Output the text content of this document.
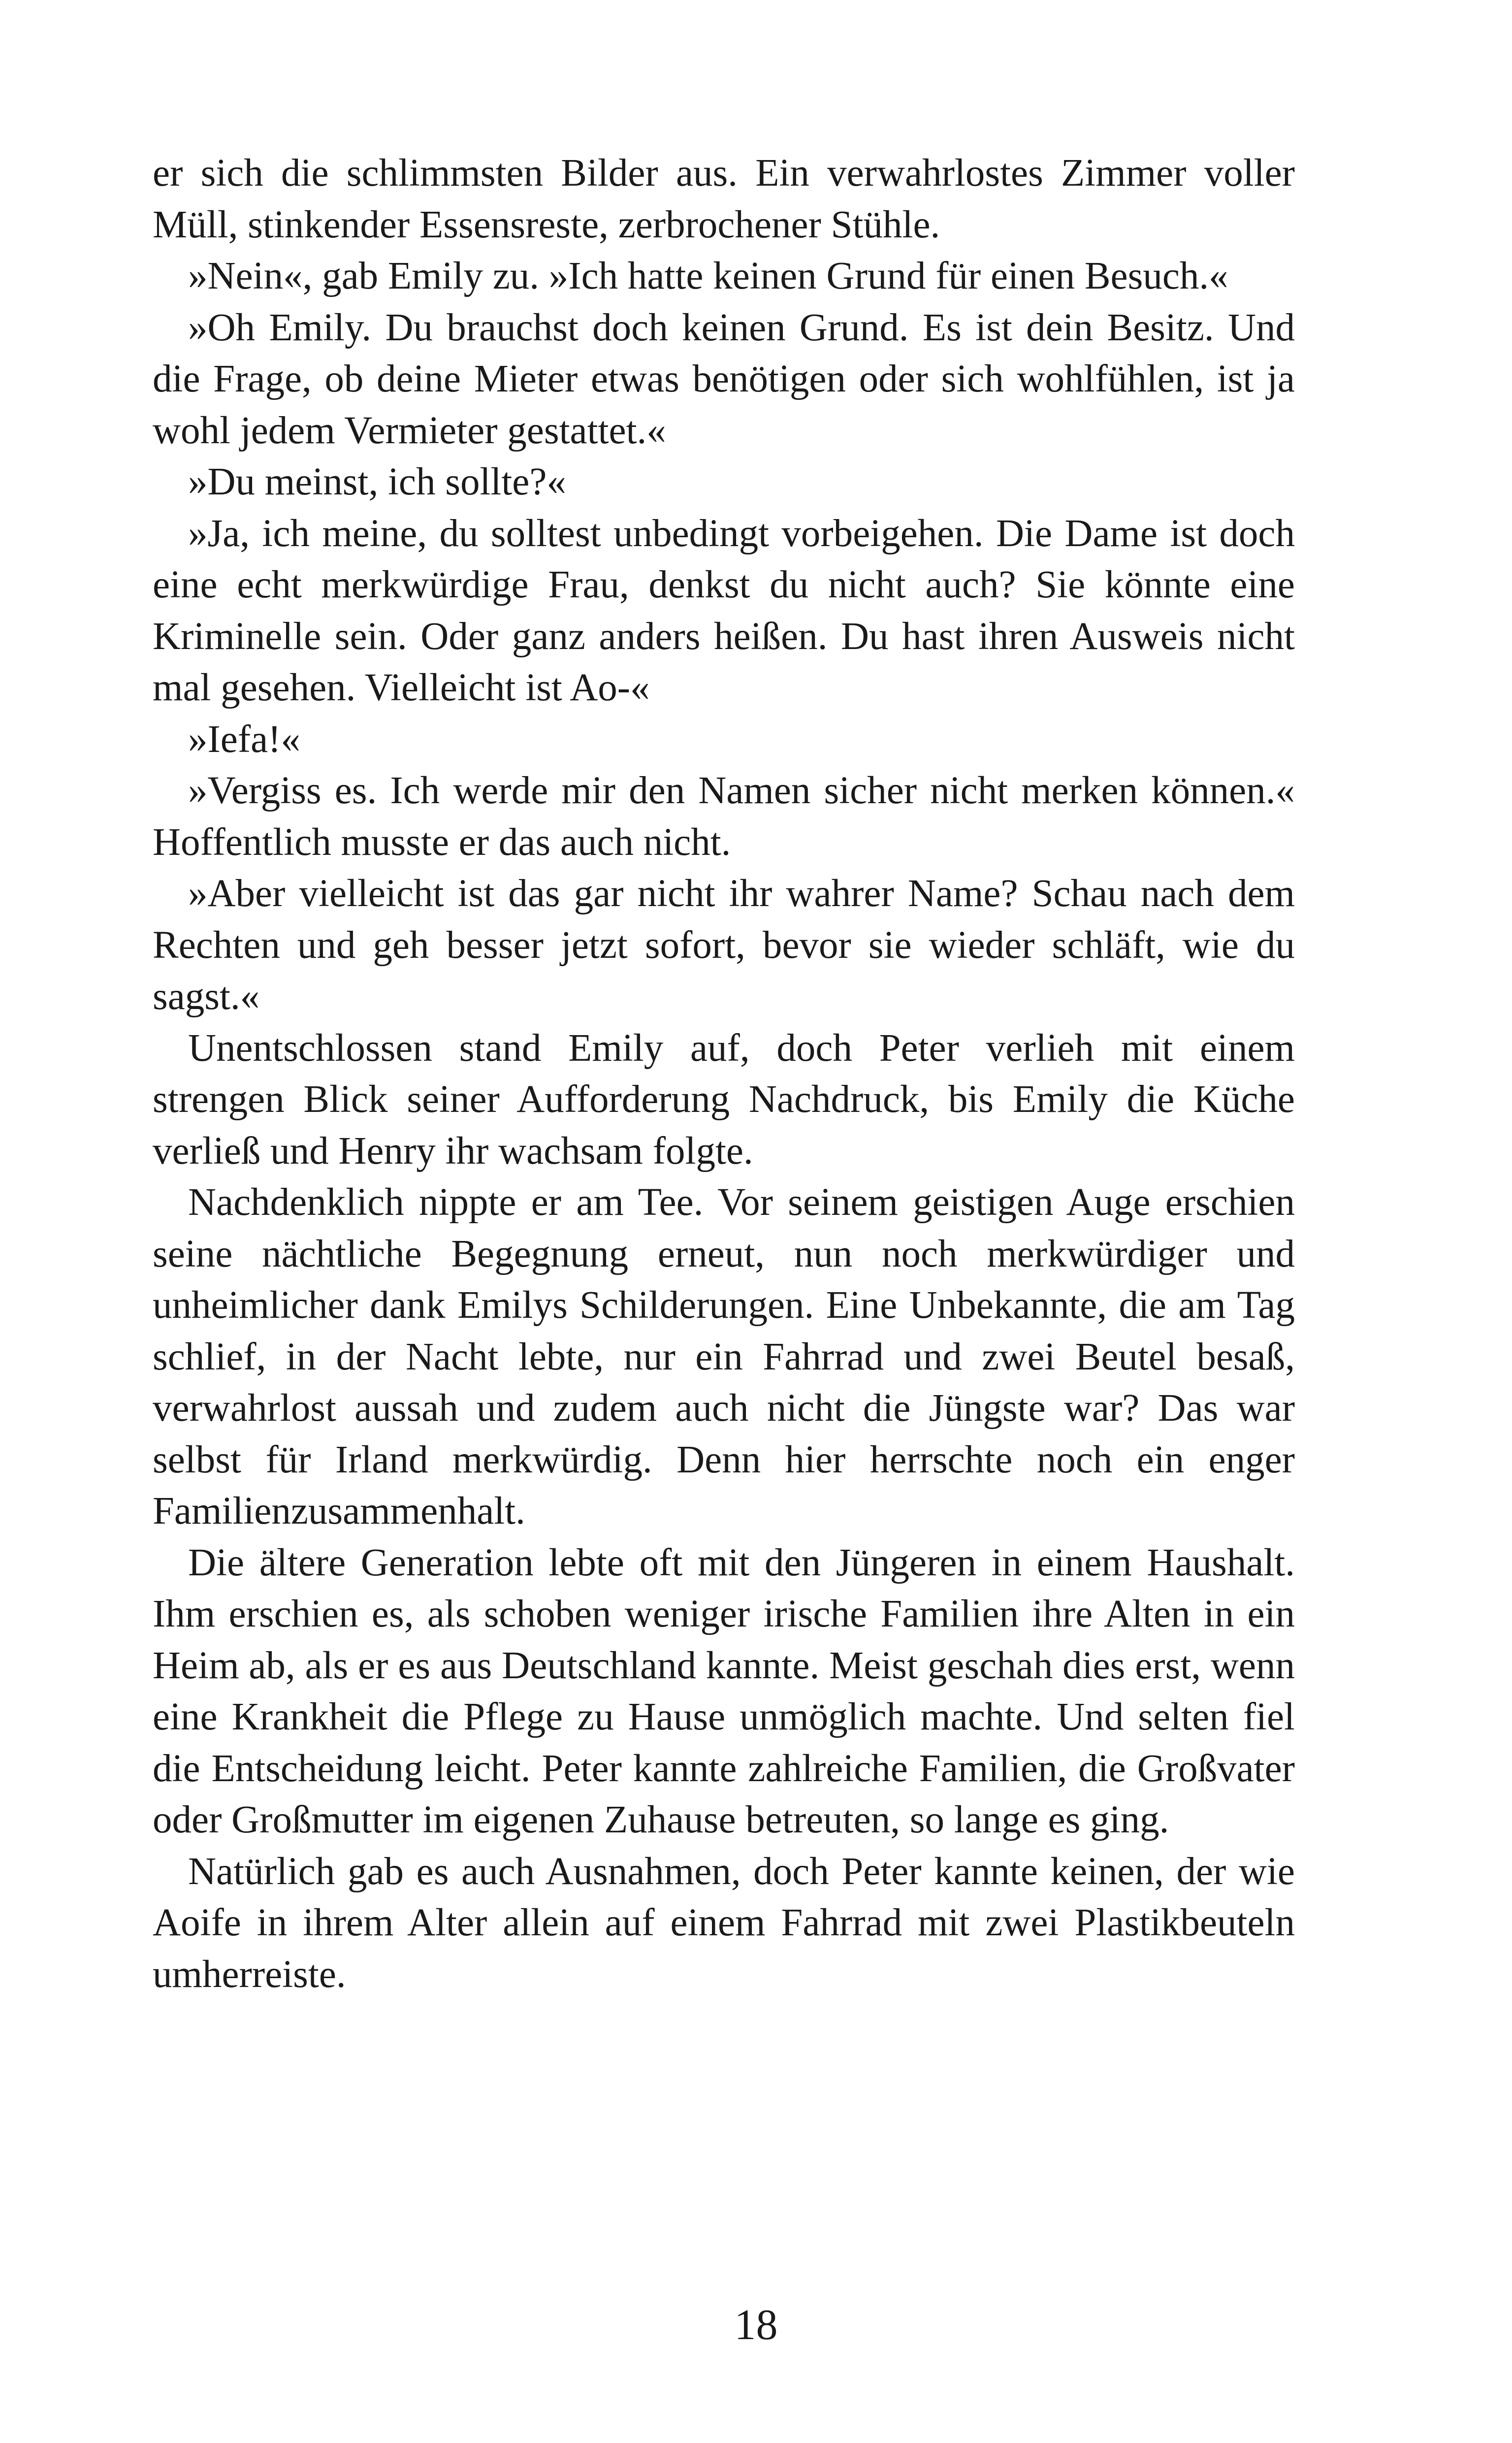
er sich die schlimmsten Bilder aus. Ein verwahrlostes Zimmer voller Müll, stinkender Essensreste, zerbrochener Stühle.

»Nein«, gab Emily zu. »Ich hatte keinen Grund für einen Besuch.«

»Oh Emily. Du brauchst doch keinen Grund. Es ist dein Besitz. Und die Frage, ob deine Mieter etwas benötigen oder sich wohlfühlen, ist ja wohl jedem Vermieter gestattet.«

»Du meinst, ich sollte?«

»Ja, ich meine, du solltest unbedingt vorbeigehen. Die Dame ist doch eine echt merkwürdige Frau, denkst du nicht auch? Sie könnte eine Kriminelle sein. Oder ganz anders heißen. Du hast ihren Ausweis nicht mal gesehen. Vielleicht ist Ao-«

»Iefa!«

»Vergiss es. Ich werde mir den Namen sicher nicht merken können.« Hoffentlich musste er das auch nicht.

»Aber vielleicht ist das gar nicht ihr wahrer Name? Schau nach dem Rechten und geh besser jetzt sofort, bevor sie wieder schläft, wie du sagst.«

Unentschlossen stand Emily auf, doch Peter verlieh mit einem strengen Blick seiner Aufforderung Nachdruck, bis Emily die Küche verließ und Henry ihr wachsam folgte.

Nachdenklich nippte er am Tee. Vor seinem geistigen Auge erschien seine nächtliche Begegnung erneut, nun noch merkwürdiger und unheimlicher dank Emilys Schilderungen. Eine Unbekannte, die am Tag schlief, in der Nacht lebte, nur ein Fahrrad und zwei Beutel besaß, verwahrlost aussah und zudem auch nicht die Jüngste war? Das war selbst für Irland merkwürdig. Denn hier herrschte noch ein enger Familienzusammenhalt.

Die ältere Generation lebte oft mit den Jüngeren in einem Haushalt. Ihm erschien es, als schoben weniger irische Familien ihre Alten in ein Heim ab, als er es aus Deutschland kannte. Meist geschah dies erst, wenn eine Krankheit die Pflege zu Hause unmöglich machte. Und selten fiel die Entscheidung leicht. Peter kannte zahlreiche Familien, die Großvater oder Großmutter im eigenen Zuhause betreuten, so lange es ging.

Natürlich gab es auch Ausnahmen, doch Peter kannte keinen, der wie Aoife in ihrem Alter allein auf einem Fahrrad mit zwei Plastikbeuteln umherreiste.

18
